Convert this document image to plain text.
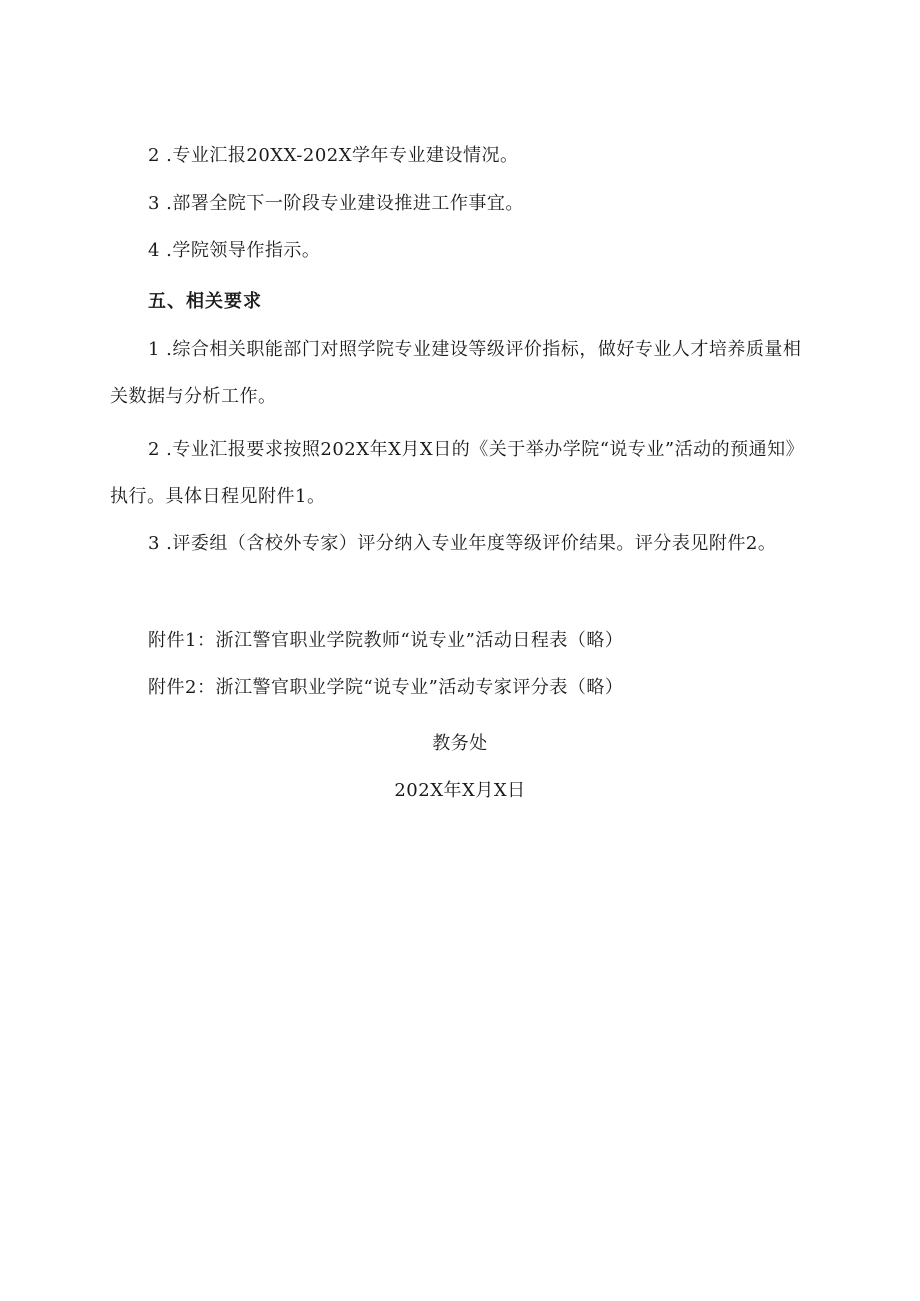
2 .专业汇报20XX-202X学年专业建设情况。

3 .部署全院下一阶段专业建设推进工作事宜。

4 .学院领导作指示。

五、相关要求

1 .综合相关职能部门对照学院专业建设等级评价指标，做好专业人才培养质量相关数据与分析工作。

2 .专业汇报要求按照202X年X月X日的《关于举办学院“说专业”活动的预通知》执行。具体日程见附件1。

3 .评委组（含校外专家）评分纳入专业年度等级评价结果。评分表见附件2。

附件1：浙江警官职业学院教师“说专业”活动日程表（略）

附件2：浙江警官职业学院“说专业”活动专家评分表（略）

教务处

202X年X月X日
